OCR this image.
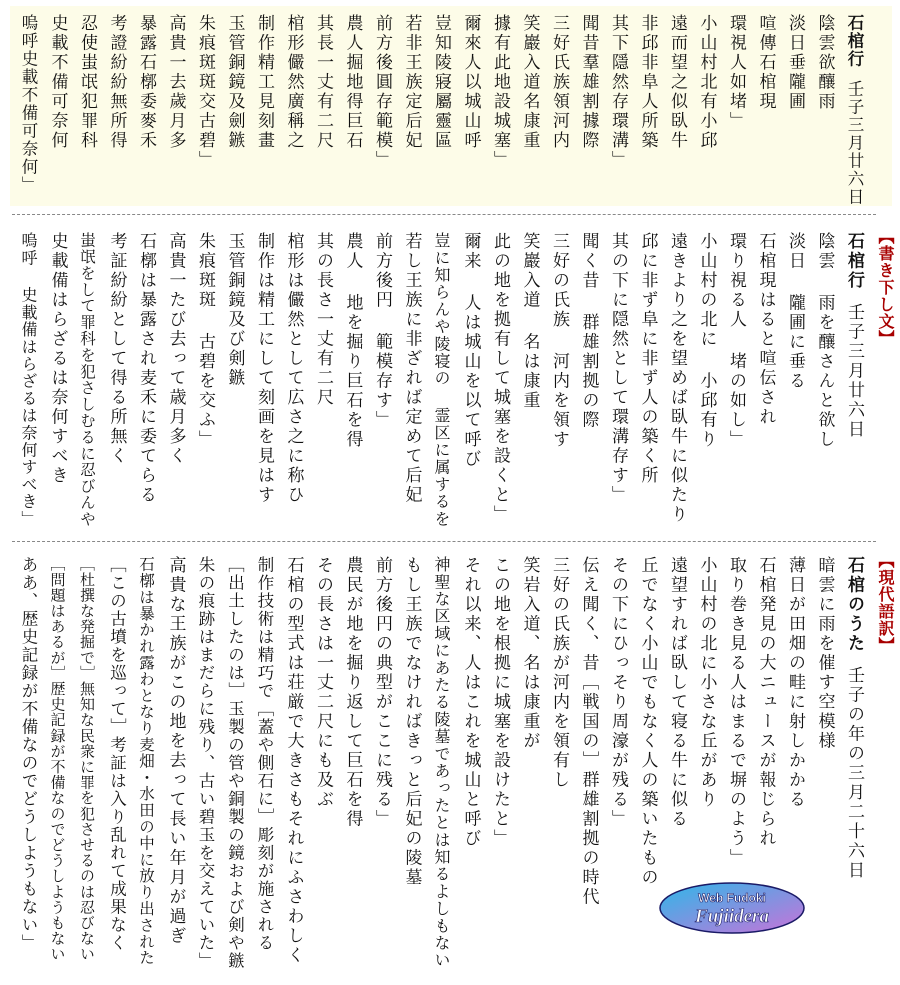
石棺行壬子三月廿六日
陰雲欲釀雨
淡日垂隴圃
喧傳石棺現
環視人如堵」
小山村北有小邱
遠而望之似臥牛
非邱非阜人所築
其下隱然存環溝」
聞昔羣雄割據際
三好氏族領河内
笑巖入道名康重
據有此地設城塞」
爾來人以城山呼
豈知陵寢屬靈區
若非王族定后妃
前方後圓存範模」
農人掘地得巨石
其長一丈有二尺
棺形儼然廣稱之
制作精工見刻畫
玉管銅鏡及劍鏃
朱痕斑斑交古碧」
高貴一去歲月多
暴露石槨委麥禾
考證紛紛無所得
忍使蚩氓犯罪科
史載不備可奈何
嗚呼史載不備可奈何」
【書き下し文】
石棺行壬子三月廿六日
陰雲 雨を釀さんと欲し
淡日 隴圃に垂る
石棺現はると喧伝され
環り視る人 堵の如し」
小山村の北に 小邱有り
遠きより之を望めば臥牛に似たり
邱に非ず阜に非ず人の築く所
其の下に隠然として環溝存す」
聞く昔 群雄割拠の際
三好の氏族 河内を領す
笑巖入道 名は康重
此の地を拠有して城塞を設くと」
爾来 人は城山を以て呼び
豈に知らんや陵寝の 霊区に属するを
若し王族に非ざれば定めて后妃
前方後円 範模存す」
農人 地を掘り巨石を得
其の長さ一丈有二尺
棺形は儼然として広さ之に称ひ
制作は精工にして刻画を見はす
玉管銅鏡及び剣鏃
朱痕斑斑 古碧を交ふ」
高貴一たび去って歳月多く
石槨は暴露され麦禾に委てらる
考証紛紛として得る所無く
蚩氓をして罪科を犯さしむるに忍びんや
史載備はらざるは奈何すべき
嗚呼 史載備はらざるは奈何すべき」
【現代語訳】
石棺のうた壬子の年の三月二十六日
暗雲に雨を催す空模様
薄日が田畑の畦に射しかかる
石棺発見の大ニュースが報じられ
取り巻き見る人はまるで塀のよう」
小山村の北に小さな丘があり
遠望すれば臥して寝る牛に似る
丘でなく小山でもなく人の築いたもの
その下にひっそり周濠が残る」
伝え聞く、昔［戦国の］群雄割拠の時代
三好の氏族が河内を領有し
笑岩入道、名は康重が
この地を根拠に城塞を設けたと」
それ以来、人はこれを城山と呼び
神聖な区域にあたる陵墓であったとは知るよしもない
もし王族でなければきっと后妃の陵墓
前方後円の典型がここに残る」
農民が地を掘り返して巨石を得
その長さは一丈二尺にも及ぶ
石棺の型式は荘厳で大きさもそれにふさわしく
制作技術は精巧で［蓋や側石に］彫刻が施される
［出土したのは］玉製の管や銅製の鏡および剣や鏃
朱の痕跡はまだらに残り、古い碧玉を交えていた」
高貴な王族がこの地を去って長い年月が過ぎ
石槨は暴かれ露わとなり麦畑・水田の中に放り出された
［この古墳を巡って］考証は入り乱れて成果なく
［杜撰な発掘で］無知な民衆に罪を犯させるのは忍びない
［問題はあるが］歴史記録が不備なのでどうしようもない
ああ、歴史記録が不備なのでどうしようもない」	Web Fudoki
Fujiidera
